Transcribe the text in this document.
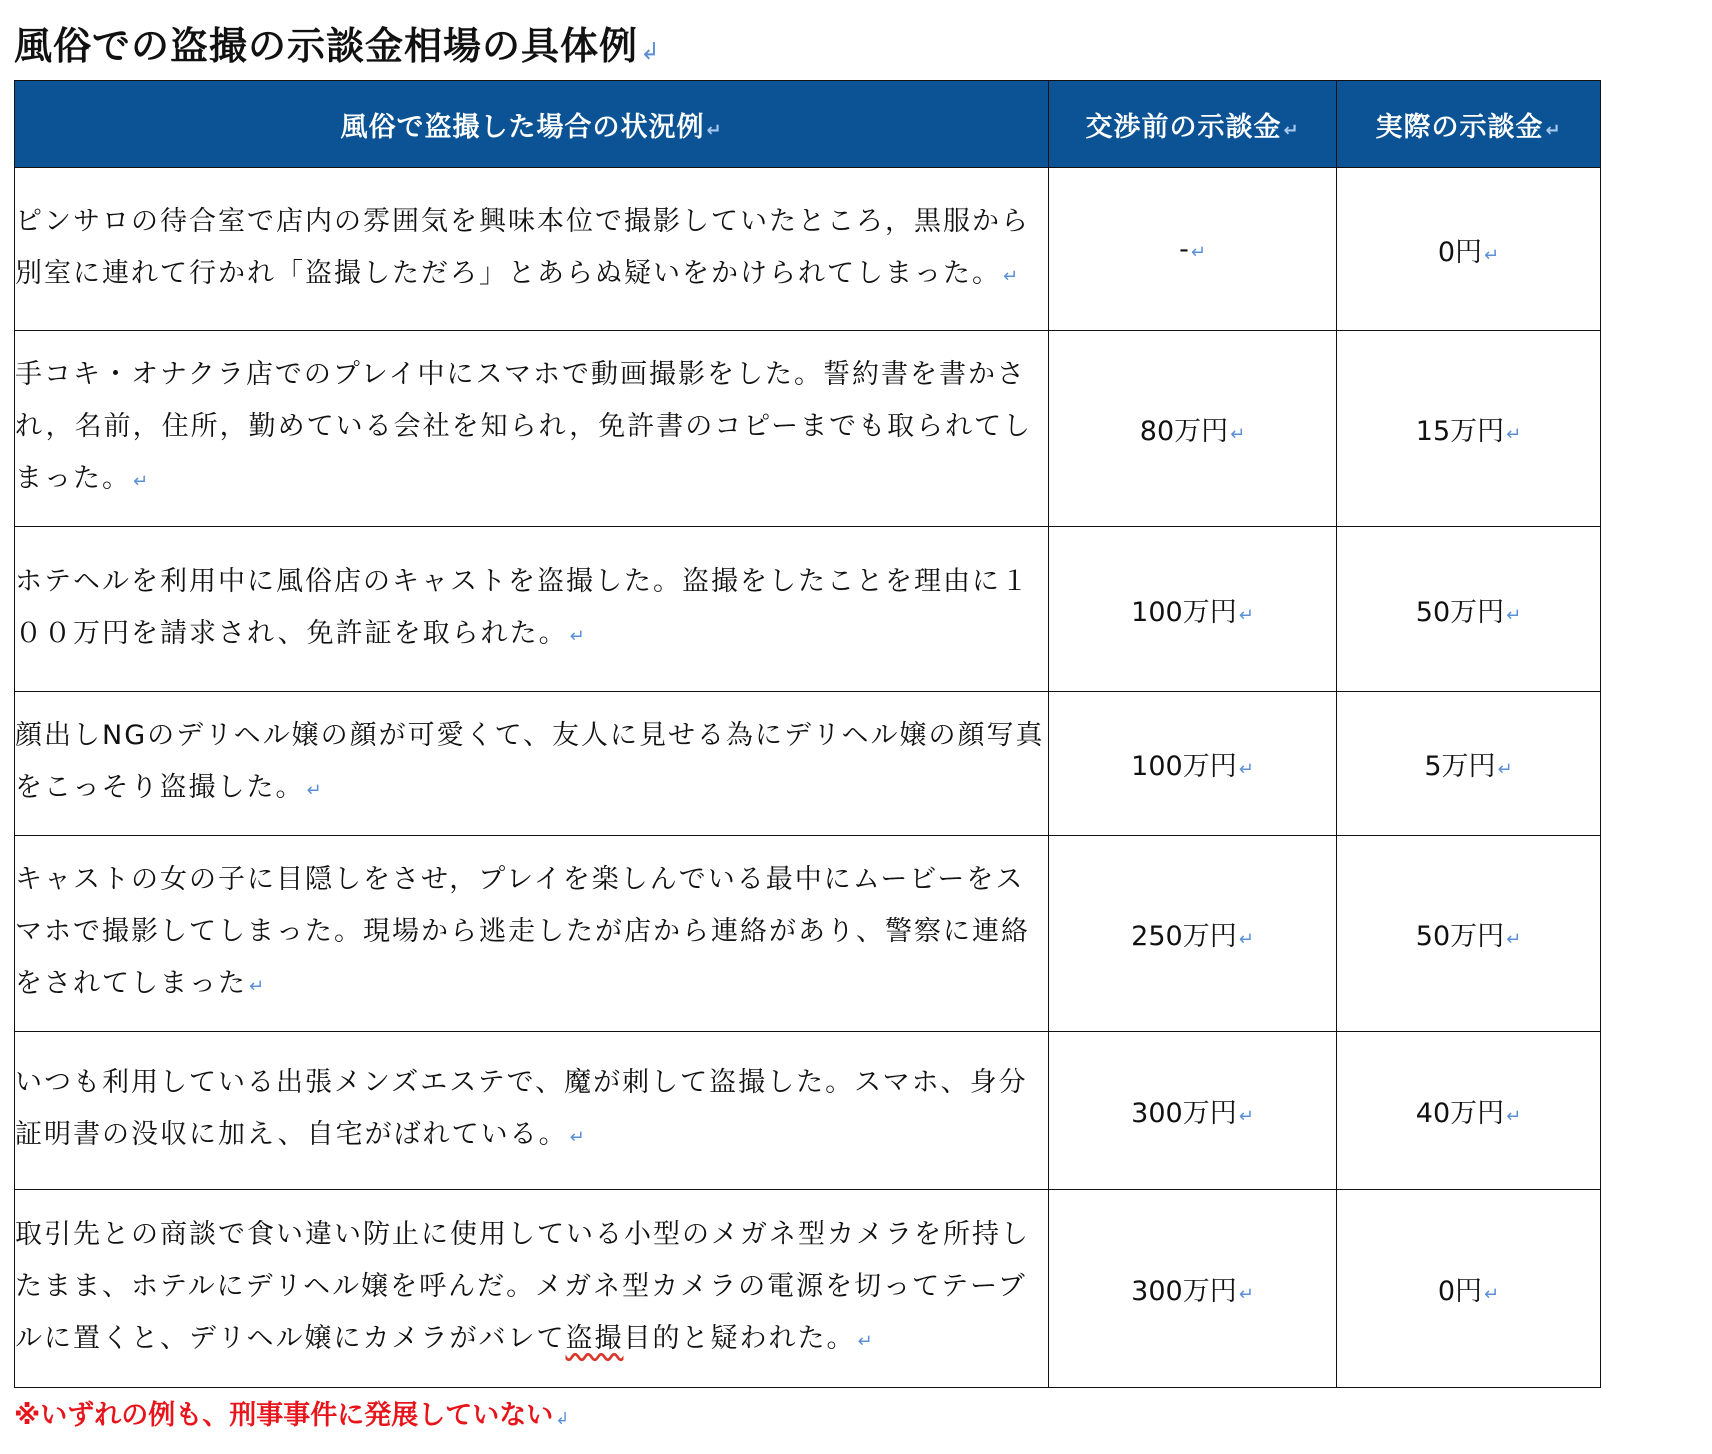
風俗での盗撮の示談金相場の具体例↲
風俗で盗撮した場合の状況例 ↵	交渉前の示談金 ↵	実際の示談金 ↵
ピンサロの待合室で店内の雰囲気を興味本位で撮影していたところ，黒服から別室に連れて行かれ「盗撮しただろ」とあらぬ疑いをかけられてしまった。 ↵	- ↵	0円 ↵
手コキ・オナクラ店でのプレイ中にスマホで動画撮影をした。誓約書を書かされ，名前，住所，勤めている会社を知られ，免許書のコピーまでも取られてしまった。 ↵	80万円 ↵	15万円 ↵
ホテヘルを利用中に風俗店のキャストを盗撮した。盗撮をしたことを理由に１００万円を請求され、免許証を取られた。 ↵	100万円 ↵	50万円 ↵
顔出しNGのデリヘル嬢の顔が可愛くて、友人に見せる為にデリヘル嬢の顔写真をこっそり盗撮した。 ↵	100万円 ↵	5万円 ↵
キャストの女の子に目隠しをさせ，プレイを楽しんでいる最中にムービーをスマホで撮影してしまった。現場から逃走したが店から連絡があり、警察に連絡をされてしまった ↵	250万円 ↵	50万円 ↵
いつも利用している出張メンズエステで、魔が刺して盗撮した。スマホ、身分証明書の没収に加え、自宅がばれている。 ↵	300万円 ↵	40万円 ↵
取引先との商談で食い違い防止に使用している小型のメガネ型カメラを所持したまま、ホテルにデリヘル嬢を呼んだ。メガネ型カメラの電源を切ってテーブルに置くと、デリヘル嬢にカメラがバレて盗撮目的と疑われた。 ↵	300万円 ↵	0円 ↵
※いずれの例も、刑事事件に発展していない ↲
